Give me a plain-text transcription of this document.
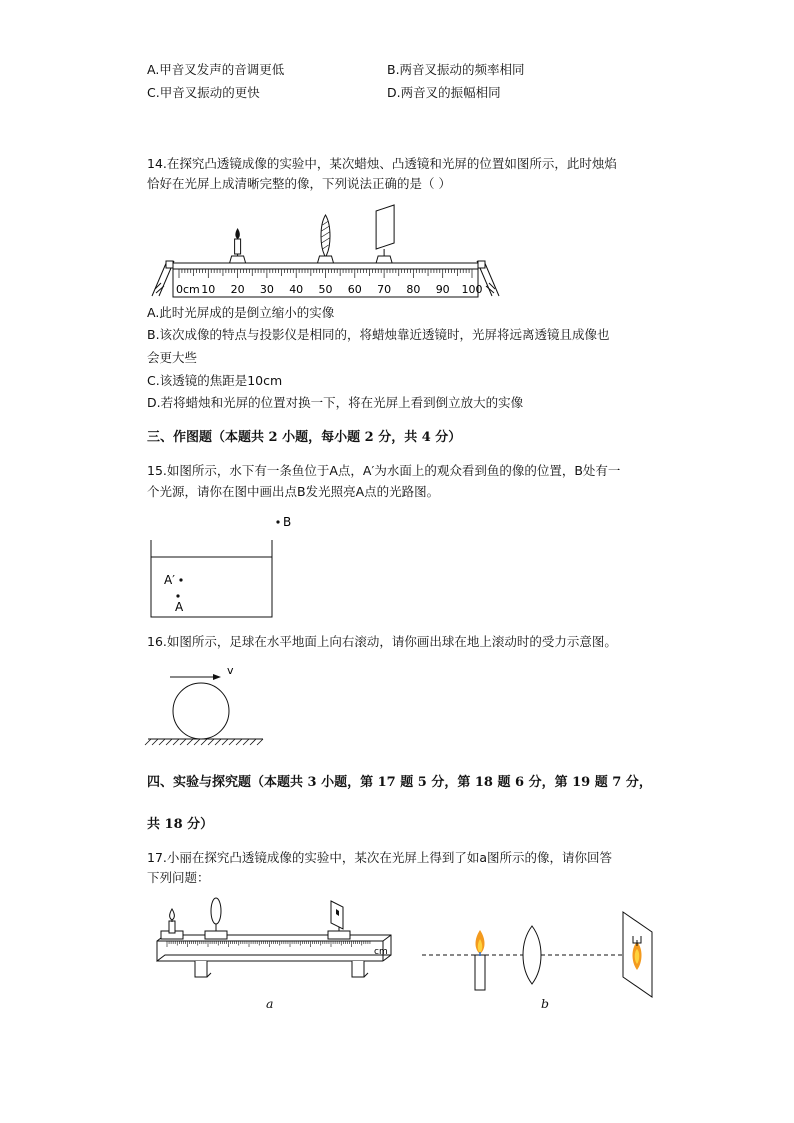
A.甲音叉发声的音调更低	B.两音叉振动的频率相同
C.甲音叉振动的更快	D.两音叉的振幅相同
14.在探究凸透镜成像的实验中，某次蜡烛、凸透镜和光屏的位置如图所示，此时烛焰
恰好在光屏上成清晰完整的像，下列说法正确的是（ ）
0cm 10 20 30 40 50 60 70 80 90 100
A.此时光屏成的是倒立缩小的实像
B.该次成像的特点与投影仪是相同的，将蜡烛靠近透镜时，光屏将远离透镜且成像也
会更大些
C.该透镜的焦距是10cm
D.若将蜡烛和光屏的位置对换一下，将在光屏上看到倒立放大的实像
三、作图题（本题共 2 小题，每小题 2 分，共 4 分）
15.如图所示，水下有一条鱼位于A点，A′为水面上的观众看到鱼的像的位置，B处有一
个光源，请你在图中画出点B发光照亮A点的光路图。
B
A′
A
16.如图所示，足球在水平地面上向右滚动，请你画出球在地上滚动时的受力示意图。
v
四、实验与探究题（本题共 3 小题，第 17 题 5 分，第 18 题 6 分，第 19 题 7 分，
共 18 分）
17.小丽在探究凸透镜成像的实验中，某次在光屏上得到了如a图所示的像，请你回答
下列问题：
cm
a	b
